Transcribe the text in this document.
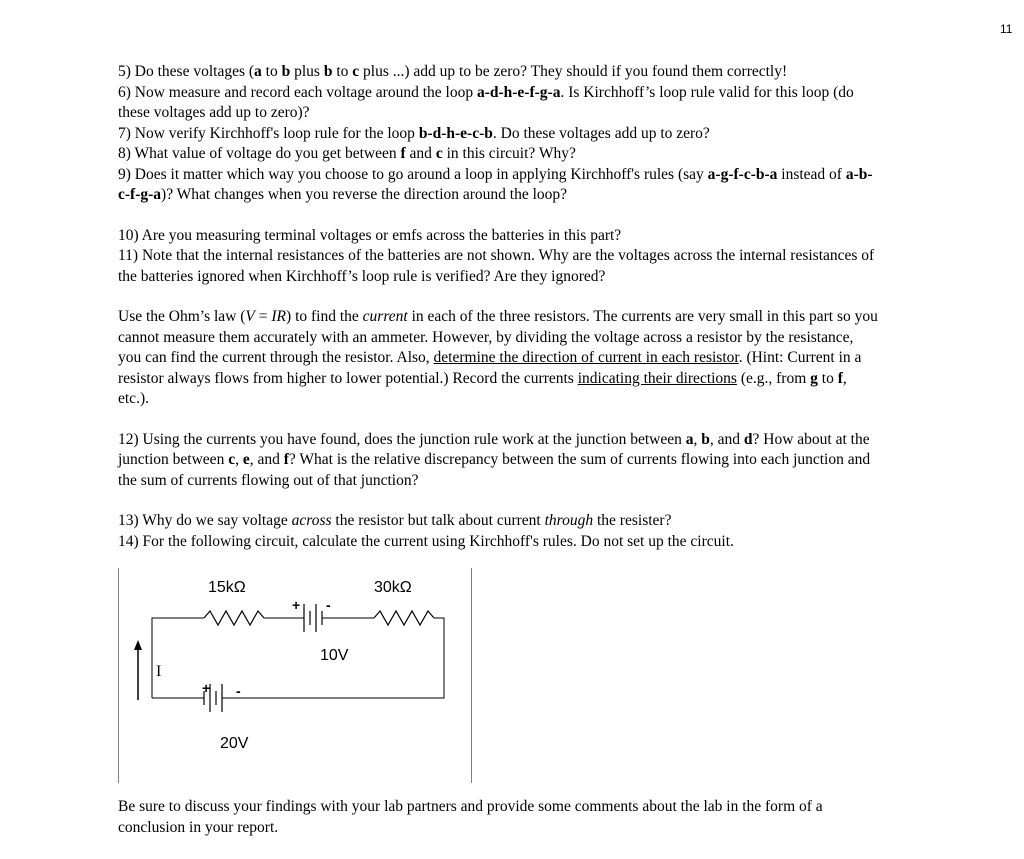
11

5) Do these voltages (a to b plus b to c plus ...) add up to be zero? They should if you found them correctly!

6) Now measure and record each voltage around the loop a-d-h-e-f-g-a. Is Kirchhoff’s loop rule valid for this loop (do these voltages add up to zero)?

7) Now verify Kirchhoff's loop rule for the loop b-d-h-e-c-b. Do these voltages add up to zero?

8) What value of voltage do you get between f and c in this circuit? Why?

9) Does it matter which way you choose to go around a loop in applying Kirchhoff's rules (say a-g-f-c-b-a instead of a-b-c-f-g-a)? What changes when you reverse the direction around the loop?

10) Are you measuring terminal voltages or emfs across the batteries in this part?

11) Note that the internal resistances of the batteries are not shown. Why are the voltages across the internal resistances of the batteries ignored when Kirchhoff’s loop rule is verified? Are they ignored?

Use the Ohm’s law (V = IR) to find the current in each of the three resistors. The currents are very small in this part so you cannot measure them accurately with an ammeter. However, by dividing the voltage across a resistor by the resistance, you can find the current through the resistor. Also, determine the direction of current in each resistor. (Hint: Current in a resistor always flows from higher to lower potential.) Record the currents indicating their directions (e.g., from g to f, etc.).

12) Using the currents you have found, does the junction rule work at the junction between a, b, and d? How about at the junction between c, e, and f? What is the relative discrepancy between the sum of currents flowing into each junction and the sum of currents flowing out of that junction?

13) Why do we say voltage across the resistor but talk about current through the resister?

14) For the following circuit, calculate the current using Kirchhoff's rules. Do not set up the circuit.

+ -
+ -
I
15kΩ	30kΩ
10V
20V

Be sure to discuss your findings with your lab partners and provide some comments about the lab in the form of a conclusion in your report.
